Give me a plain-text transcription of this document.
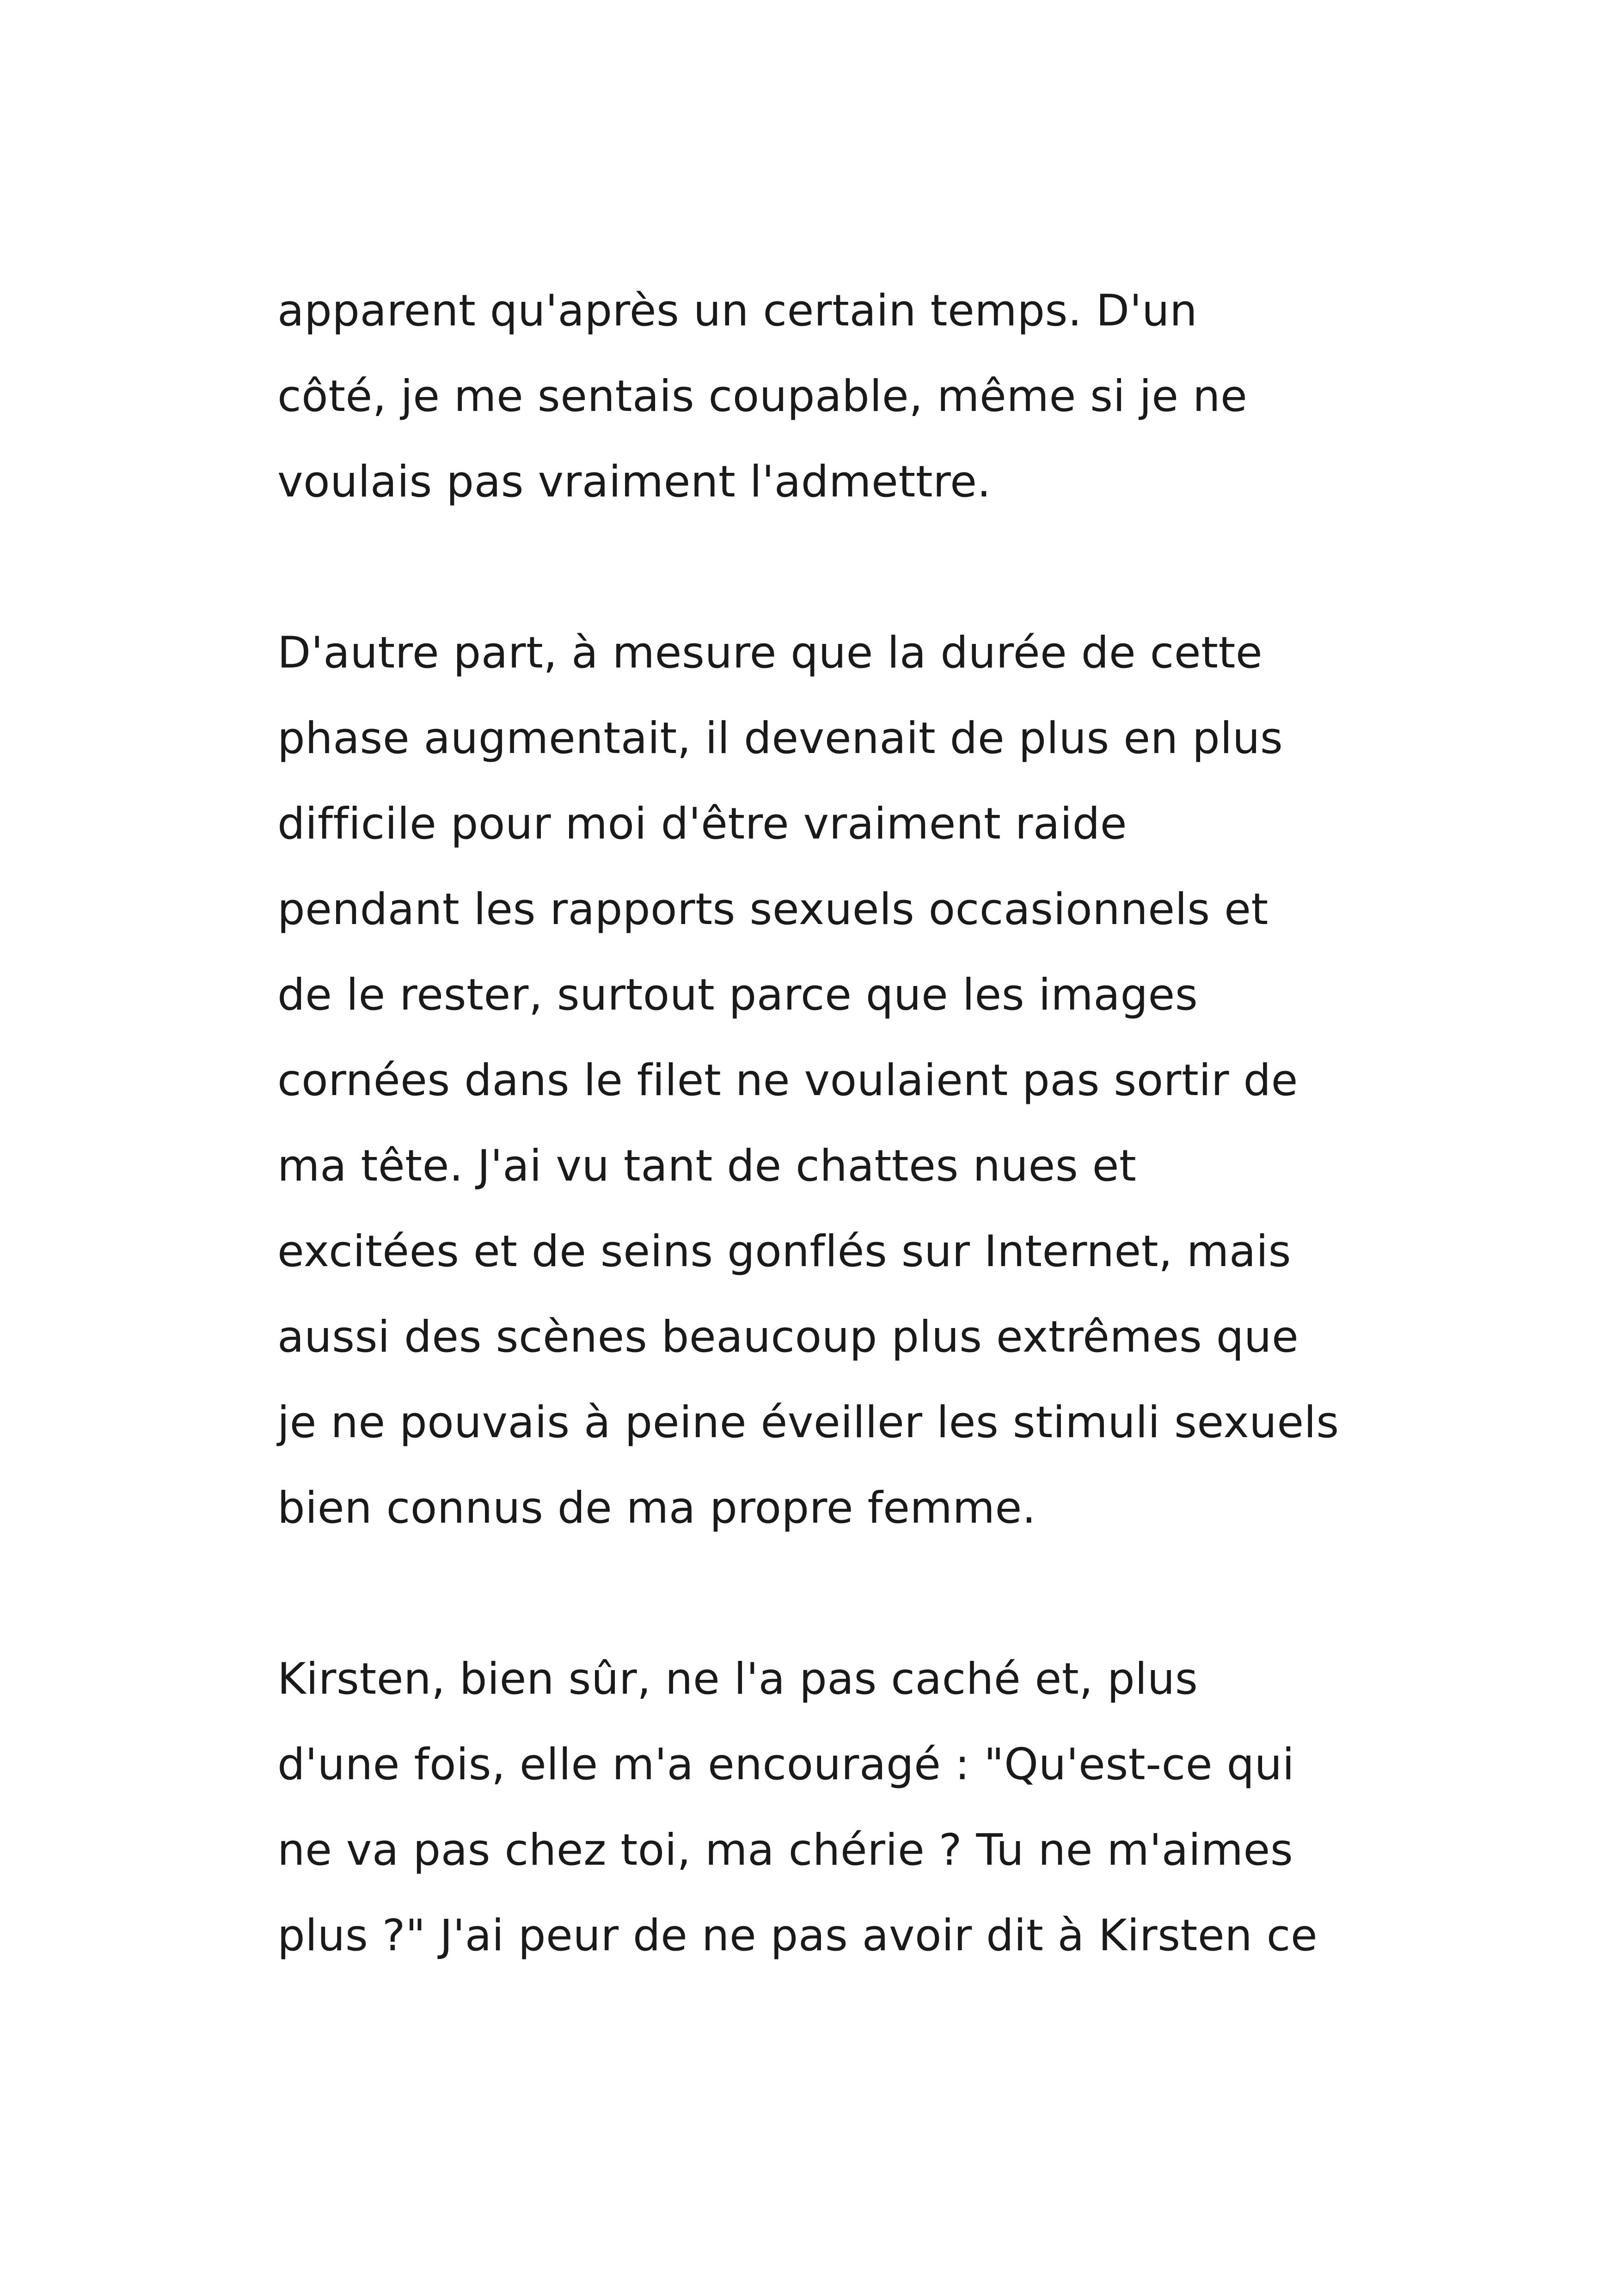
apparent qu'après un certain temps. D'un
côté, je me sentais coupable, même si je ne
voulais pas vraiment l'admettre.
D'autre part, à mesure que la durée de cette
phase augmentait, il devenait de plus en plus
difficile pour moi d'être vraiment raide
pendant les rapports sexuels occasionnels et
de le rester, surtout parce que les images
cornées dans le filet ne voulaient pas sortir de
ma tête. J'ai vu tant de chattes nues et
excitées et de seins gonflés sur Internet, mais
aussi des scènes beaucoup plus extrêmes que
je ne pouvais à peine éveiller les stimuli sexuels
bien connus de ma propre femme.
Kirsten, bien sûr, ne l'a pas caché et, plus
d'une fois, elle m'a encouragé : "Qu'est-ce qui
ne va pas chez toi, ma chérie ? Tu ne m'aimes
plus ?" J'ai peur de ne pas avoir dit à Kirsten ce
